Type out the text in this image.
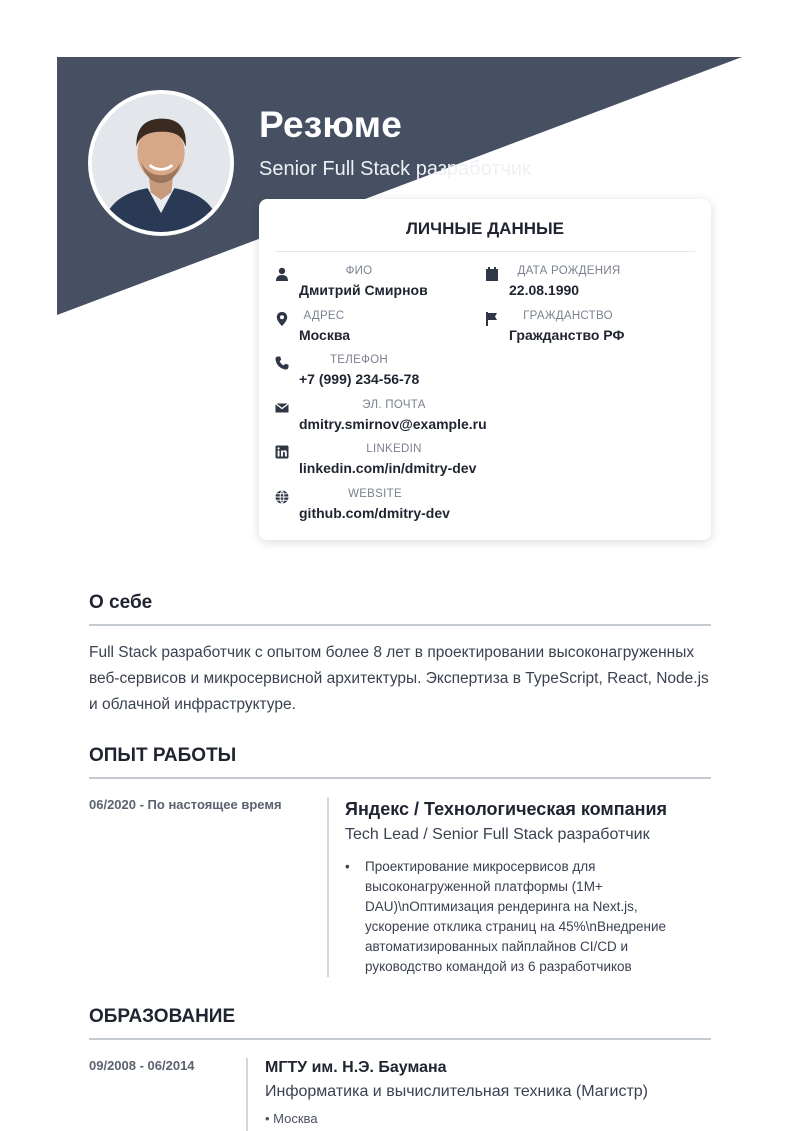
Резюме
Senior Full Stack разработчик
ЛИЧНЫЕ ДАННЫЕ
ФИО
Дмитрий Смирнов
ДАТА РОЖДЕНИЯ
22.08.1990
АДРЕС
Москва
ГРАЖДАНСТВО
Гражданство РФ
ТЕЛЕФОН
+7 (999) 234-56-78
ЭЛ. ПОЧТА
dmitry.smirnov@example.ru
LINKEDIN
linkedin.com/in/dmitry-dev
WEBSITE
github.com/dmitry-dev
О себе
Full Stack разработчик с опытом более 8 лет в проектировании высоконагруженных веб-сервисов и микросервисной архитектуры. Экспертиза в TypeScript, React, Node.js и облачной инфраструктуре.
ОПЫТ РАБОТЫ
06/2020 - По настоящее время	Яндекс / Технологическая компания
Tech Lead / Senior Full Stack разработчик
• Проектирование микросервисов для высоконагруженной платформы (1M+ DAU)\nОптимизация рендеринга на Next.js, ускорение отклика страниц на 45%\nВнедрение автоматизированных пайплайнов CI/CD и руководство командой из 6 разработчиков
ОБРАЗОВАНИЕ
09/2008 - 06/2014	МГТУ им. Н.Э. Баумана
Информатика и вычислительная техника (Магистр)
• Москва
